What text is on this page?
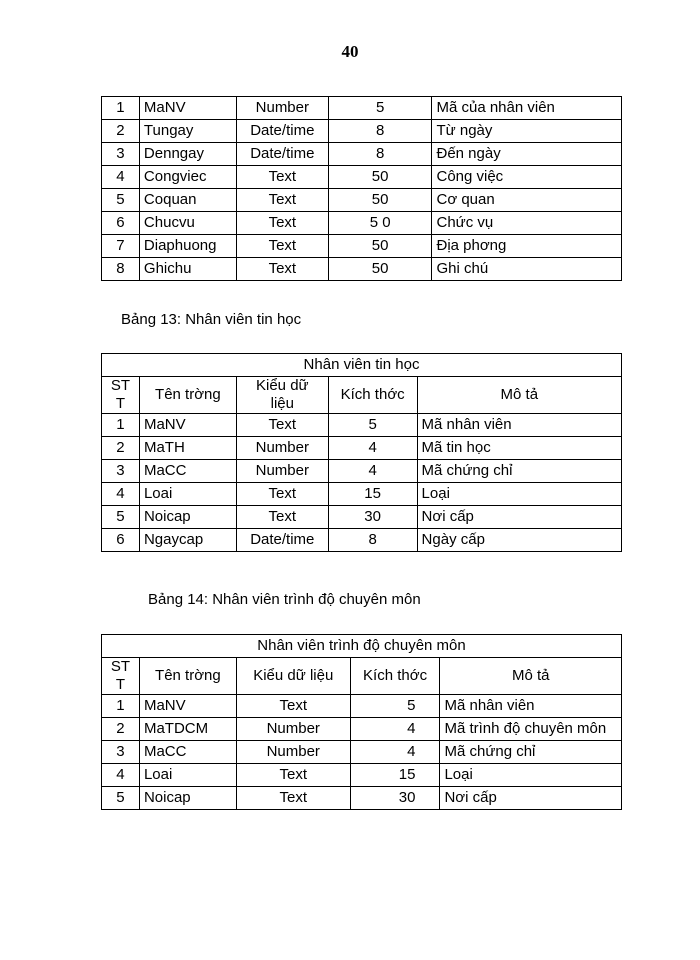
40
1	MaNV	Number	5	Mã của nhân viên
2	Tungay	Date/time	8	Từ ngày
3	Denngay	Date/time	8	Đến ngày
4	Congviec	Text	50	Công việc
5	Coquan	Text	50	Cơ quan
6	Chucvu	Text	5 0	Chức vụ
7	Diaphuong	Text	50	Địa phơng
8	Ghichu	Text	50	Ghi chú
Bảng 13: Nhân viên tin học
Nhân viên tin học				
ST
T	Tên trờng	Kiểu dữ liệu	Kích thớc	Mô tả
1	MaNV	Text	5	Mã nhân viên
2	MaTH	Number	4	Mã tin học
3	MaCC	Number	4	Mã chứng chỉ
4	Loai	Text	15	Loại
5	Noicap	Text	30	Nơi cấp
6	Ngaycap	Date/time	8	Ngày cấp
Bảng 14: Nhân viên trình độ chuyên môn
Nhân viên trình độ chuyên môn				
ST
T	Tên trờng	Kiểu dữ liệu	Kích thớc	Mô tả
1	MaNV	Text	5	Mã nhân viên
2	MaTDCM	Number	4	Mã trình độ chuyên môn
3	MaCC	Number	4	Mã chứng chỉ
4	Loai	Text	15	Loại
5	Noicap	Text	30	Nơi cấp
